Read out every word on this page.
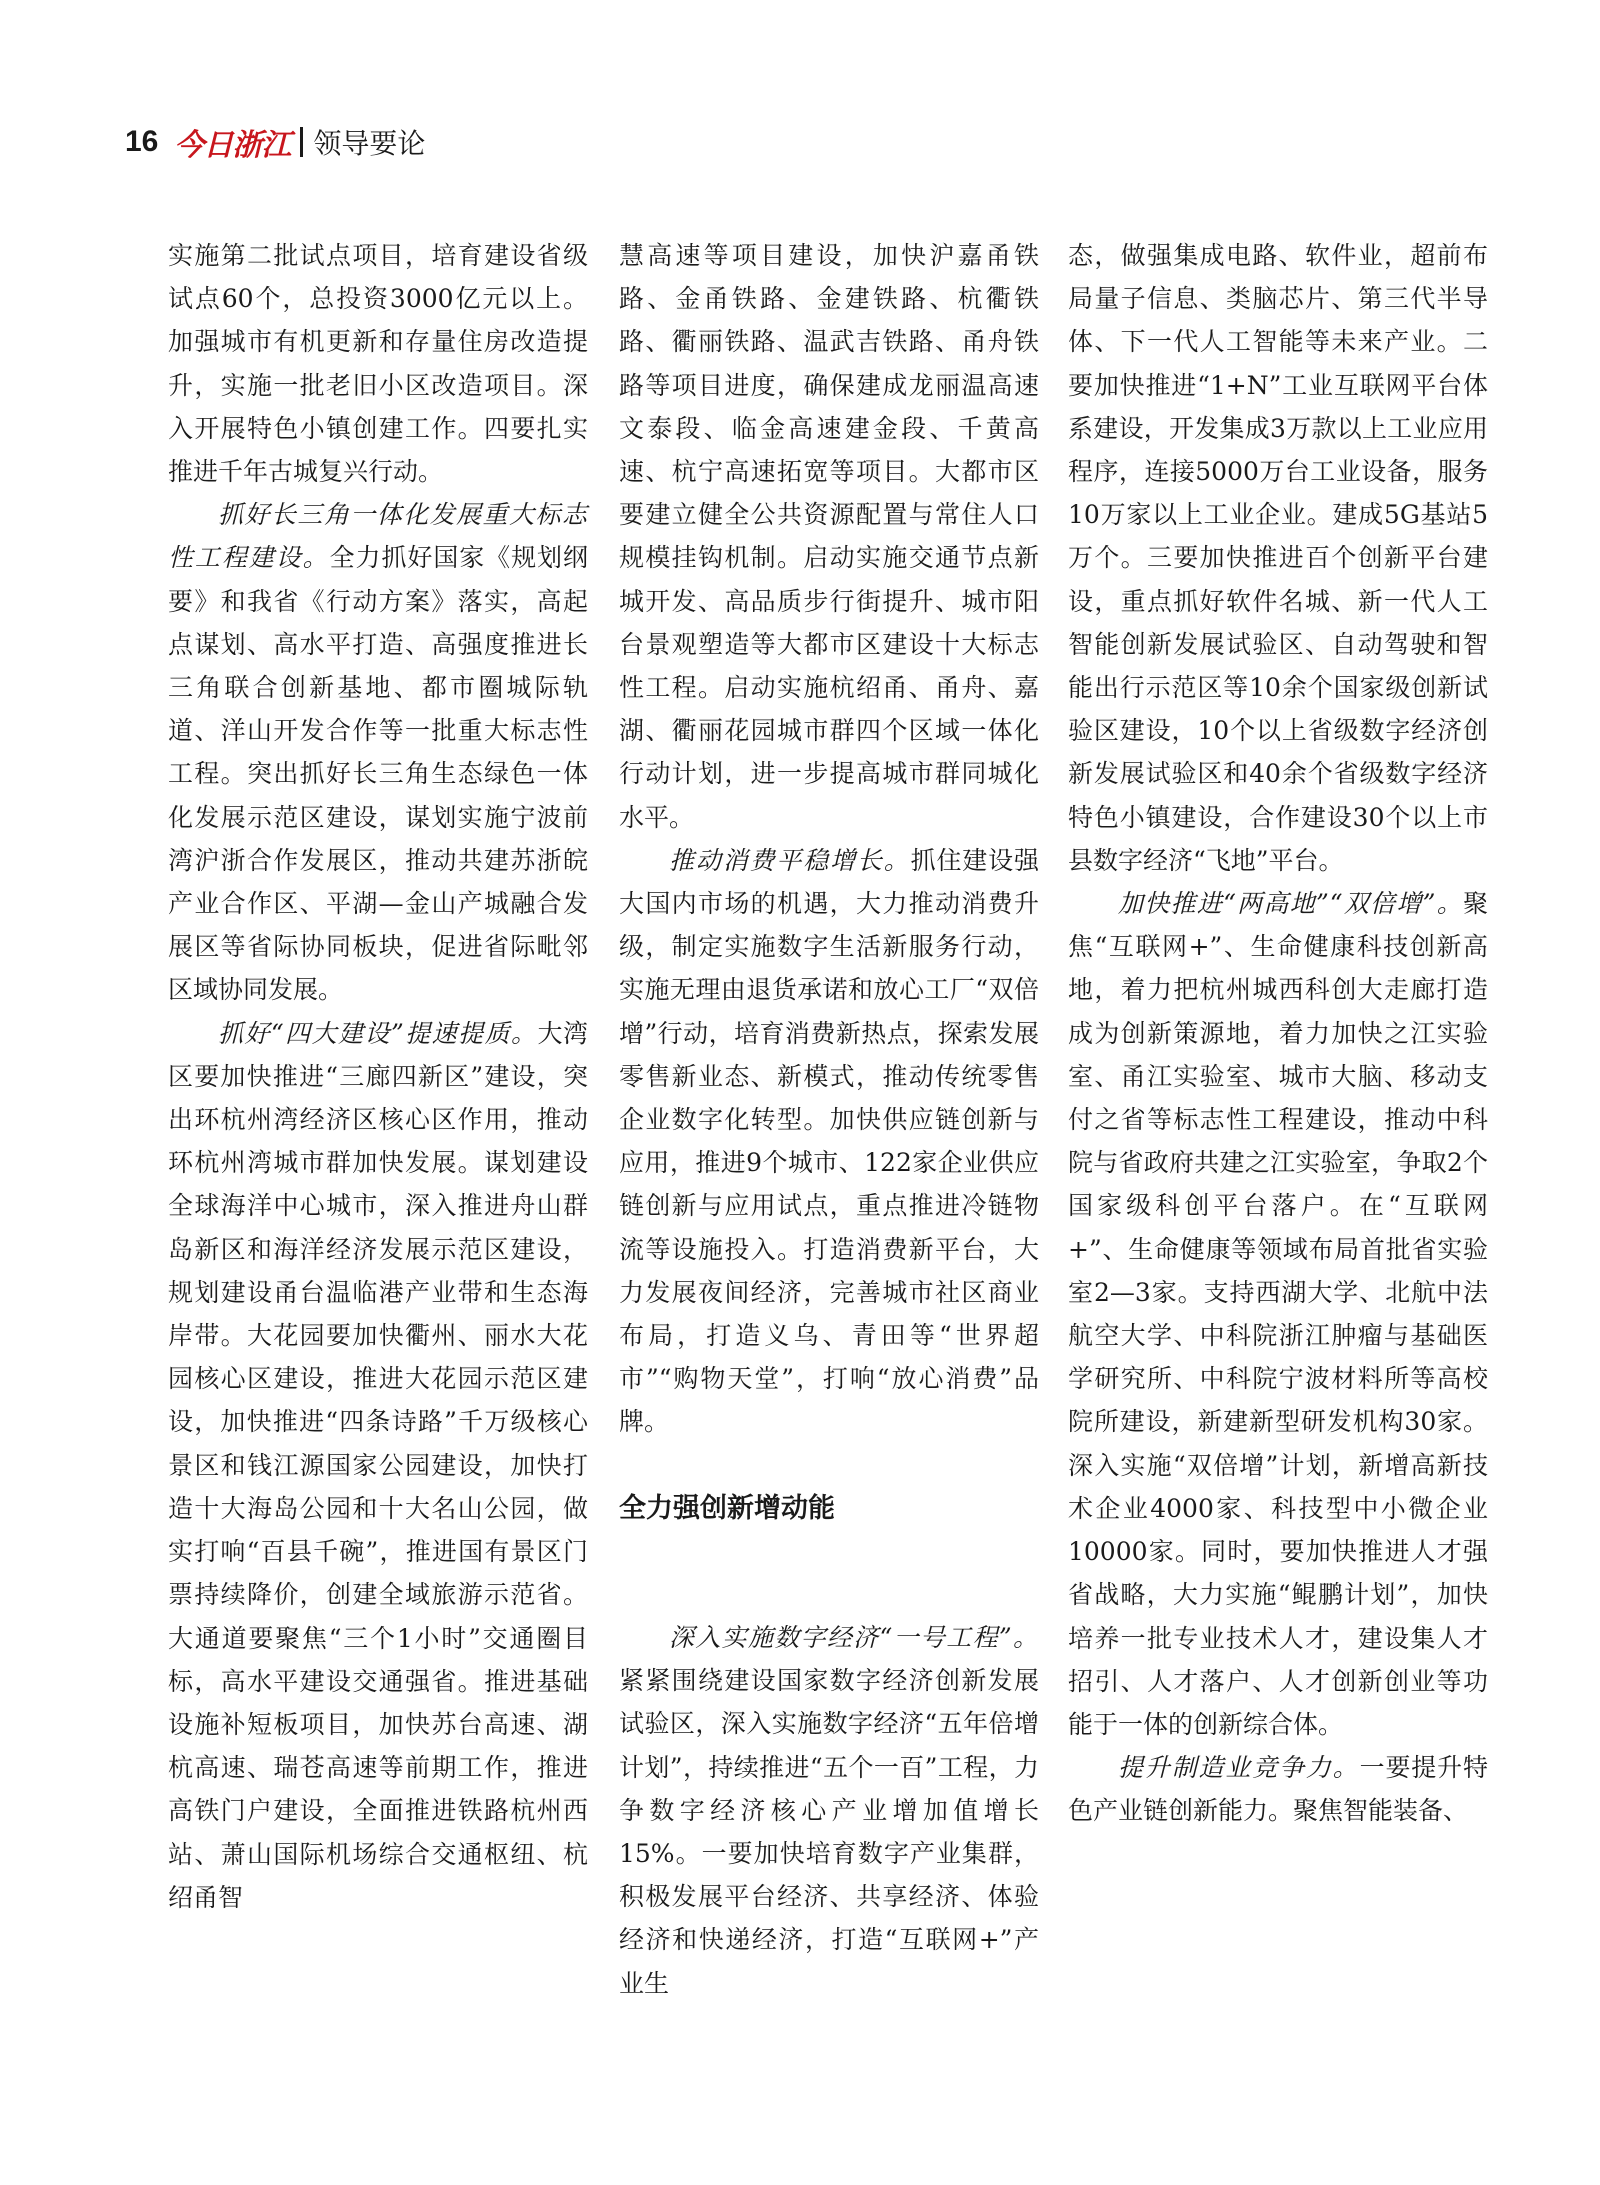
16 今日浙江 领导要论

实施第二批试点项目，培育建设省级试点60个，总投资3000亿元以上。加强城市有机更新和存量住房改造提升，实施一批老旧小区改造项目。深入开展特色小镇创建工作。四要扎实推进千年古城复兴行动。

抓好长三角一体化发展重大标志性工程建设。全力抓好国家《规划纲要》和我省《行动方案》落实，高起点谋划、高水平打造、高强度推进长三角联合创新基地、都市圈城际轨道、洋山开发合作等一批重大标志性工程。突出抓好长三角生态绿色一体化发展示范区建设，谋划实施宁波前湾沪浙合作发展区，推动共建苏浙皖产业合作区、平湖—金山产城融合发展区等省际协同板块，促进省际毗邻区域协同发展。

抓好“四大建设”提速提质。大湾区要加快推进“三廊四新区”建设，突出环杭州湾经济区核心区作用，推动环杭州湾城市群加快发展。谋划建设全球海洋中心城市，深入推进舟山群岛新区和海洋经济发展示范区建设，规划建设甬台温临港产业带和生态海岸带。大花园要加快衢州、丽水大花园核心区建设，推进大花园示范区建设，加快推进“四条诗路”千万级核心景区和钱江源国家公园建设，加快打造十大海岛公园和十大名山公园，做实打响“百县千碗”，推进国有景区门票持续降价，创建全域旅游示范省。大通道要聚焦“三个1小时”交通圈目标，高水平建设交通强省。推进基础设施补短板项目，加快苏台高速、湖杭高速、瑞苍高速等前期工作，推进高铁门户建设，全面推进铁路杭州西站、萧山国际机场综合交通枢纽、杭绍甬智

慧高速等项目建设，加快沪嘉甬铁路、金甬铁路、金建铁路、杭衢铁路、衢丽铁路、温武吉铁路、甬舟铁路等项目进度，确保建成龙丽温高速文泰段、临金高速建金段、千黄高速、杭宁高速拓宽等项目。大都市区要建立健全公共资源配置与常住人口规模挂钩机制。启动实施交通节点新城开发、高品质步行街提升、城市阳台景观塑造等大都市区建设十大标志性工程。启动实施杭绍甬、甬舟、嘉湖、衢丽花园城市群四个区域一体化行动计划，进一步提高城市群同城化水平。

推动消费平稳增长。抓住建设强大国内市场的机遇，大力推动消费升级，制定实施数字生活新服务行动，实施无理由退货承诺和放心工厂“双倍增”行动，培育消费新热点，探索发展零售新业态、新模式，推动传统零售企业数字化转型。加快供应链创新与应用，推进9个城市、122家企业供应链创新与应用试点，重点推进冷链物流等设施投入。打造消费新平台，大力发展夜间经济，完善城市社区商业布局，打造义乌、青田等“世界超市”“购物天堂”，打响“放心消费”品牌。

全力强创新增动能

深入实施数字经济“一号工程”。紧紧围绕建设国家数字经济创新发展试验区，深入实施数字经济“五年倍增计划”，持续推进“五个一百”工程，力争数字经济核心产业增加值增长15%。一要加快培育数字产业集群，积极发展平台经济、共享经济、体验经济和快递经济，打造“互联网+”产业生

态，做强集成电路、软件业，超前布局量子信息、类脑芯片、第三代半导体、下一代人工智能等未来产业。二要加快推进“1+N”工业互联网平台体系建设，开发集成3万款以上工业应用程序，连接5000万台工业设备，服务10万家以上工业企业。建成5G基站5万个。三要加快推进百个创新平台建设，重点抓好软件名城、新一代人工智能创新发展试验区、自动驾驶和智能出行示范区等10余个国家级创新试验区建设，10个以上省级数字经济创新发展试验区和40余个省级数字经济特色小镇建设，合作建设30个以上市县数字经济“飞地”平台。

加快推进“两高地”“双倍增”。聚焦“互联网+”、生命健康科技创新高地，着力把杭州城西科创大走廊打造成为创新策源地，着力加快之江实验室、甬江实验室、城市大脑、移动支付之省等标志性工程建设，推动中科院与省政府共建之江实验室，争取2个国家级科创平台落户。在“互联网+”、生命健康等领域布局首批省实验室2—3家。支持西湖大学、北航中法航空大学、中科院浙江肿瘤与基础医学研究所、中科院宁波材料所等高校院所建设，新建新型研发机构30家。深入实施“双倍增”计划，新增高新技术企业4000家、科技型中小微企业10000家。同时，要加快推进人才强省战略，大力实施“鲲鹏计划”，加快培养一批专业技术人才，建设集人才招引、人才落户、人才创新创业等功能于一体的创新综合体。

提升制造业竞争力。一要提升特色产业链创新能力。聚焦智能装备、
